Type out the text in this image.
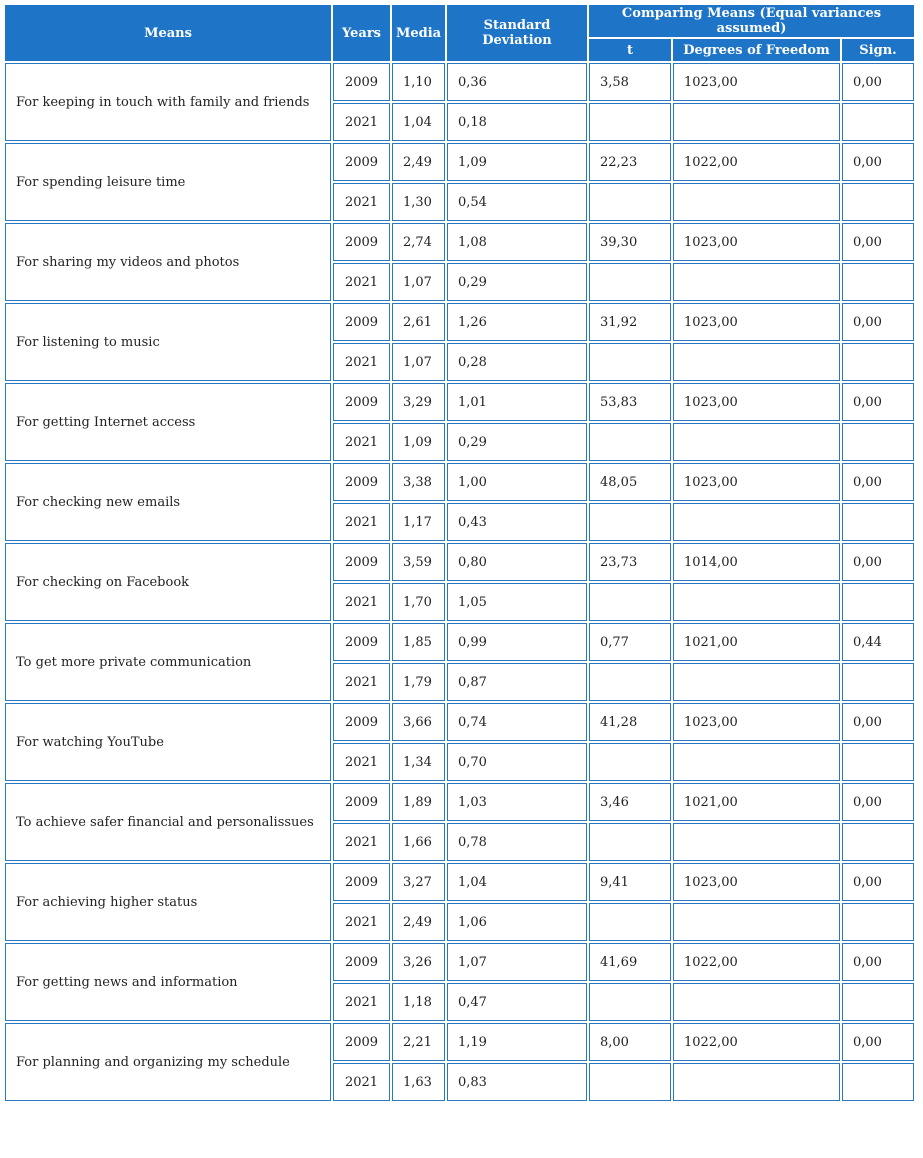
Means	Years	Media	Standard Deviation	Comparing Means (Equal variances assumed)		
				t	Degrees of Freedom	Sign.
For keeping in touch with family and friends	2009	1,10	0,36	3,58	1023,00	0,00
	2021	1,04	0,18			
For spending leisure time	2009	2,49	1,09	22,23	1022,00	0,00
	2021	1,30	0,54			
For sharing my videos and photos	2009	2,74	1,08	39,30	1023,00	0,00
	2021	1,07	0,29			
For listening to music	2009	2,61	1,26	31,92	1023,00	0,00
	2021	1,07	0,28			
For getting Internet access	2009	3,29	1,01	53,83	1023,00	0,00
	2021	1,09	0,29			
For checking new emails	2009	3,38	1,00	48,05	1023,00	0,00
	2021	1,17	0,43			
For checking on Facebook	2009	3,59	0,80	23,73	1014,00	0,00
	2021	1,70	1,05			
To get more private communication	2009	1,85	0,99	0,77	1021,00	0,44
	2021	1,79	0,87			
For watching YouTube	2009	3,66	0,74	41,28	1023,00	0,00
	2021	1,34	0,70			
To achieve safer financial and personalissues	2009	1,89	1,03	3,46	1021,00	0,00
	2021	1,66	0,78			
For achieving higher status	2009	3,27	1,04	9,41	1023,00	0,00
	2021	2,49	1,06			
For getting news and information	2009	3,26	1,07	41,69	1022,00	0,00
	2021	1,18	0,47			
For planning and organizing my schedule	2009	2,21	1,19	8,00	1022,00	0,00
	2021	1,63	0,83			
